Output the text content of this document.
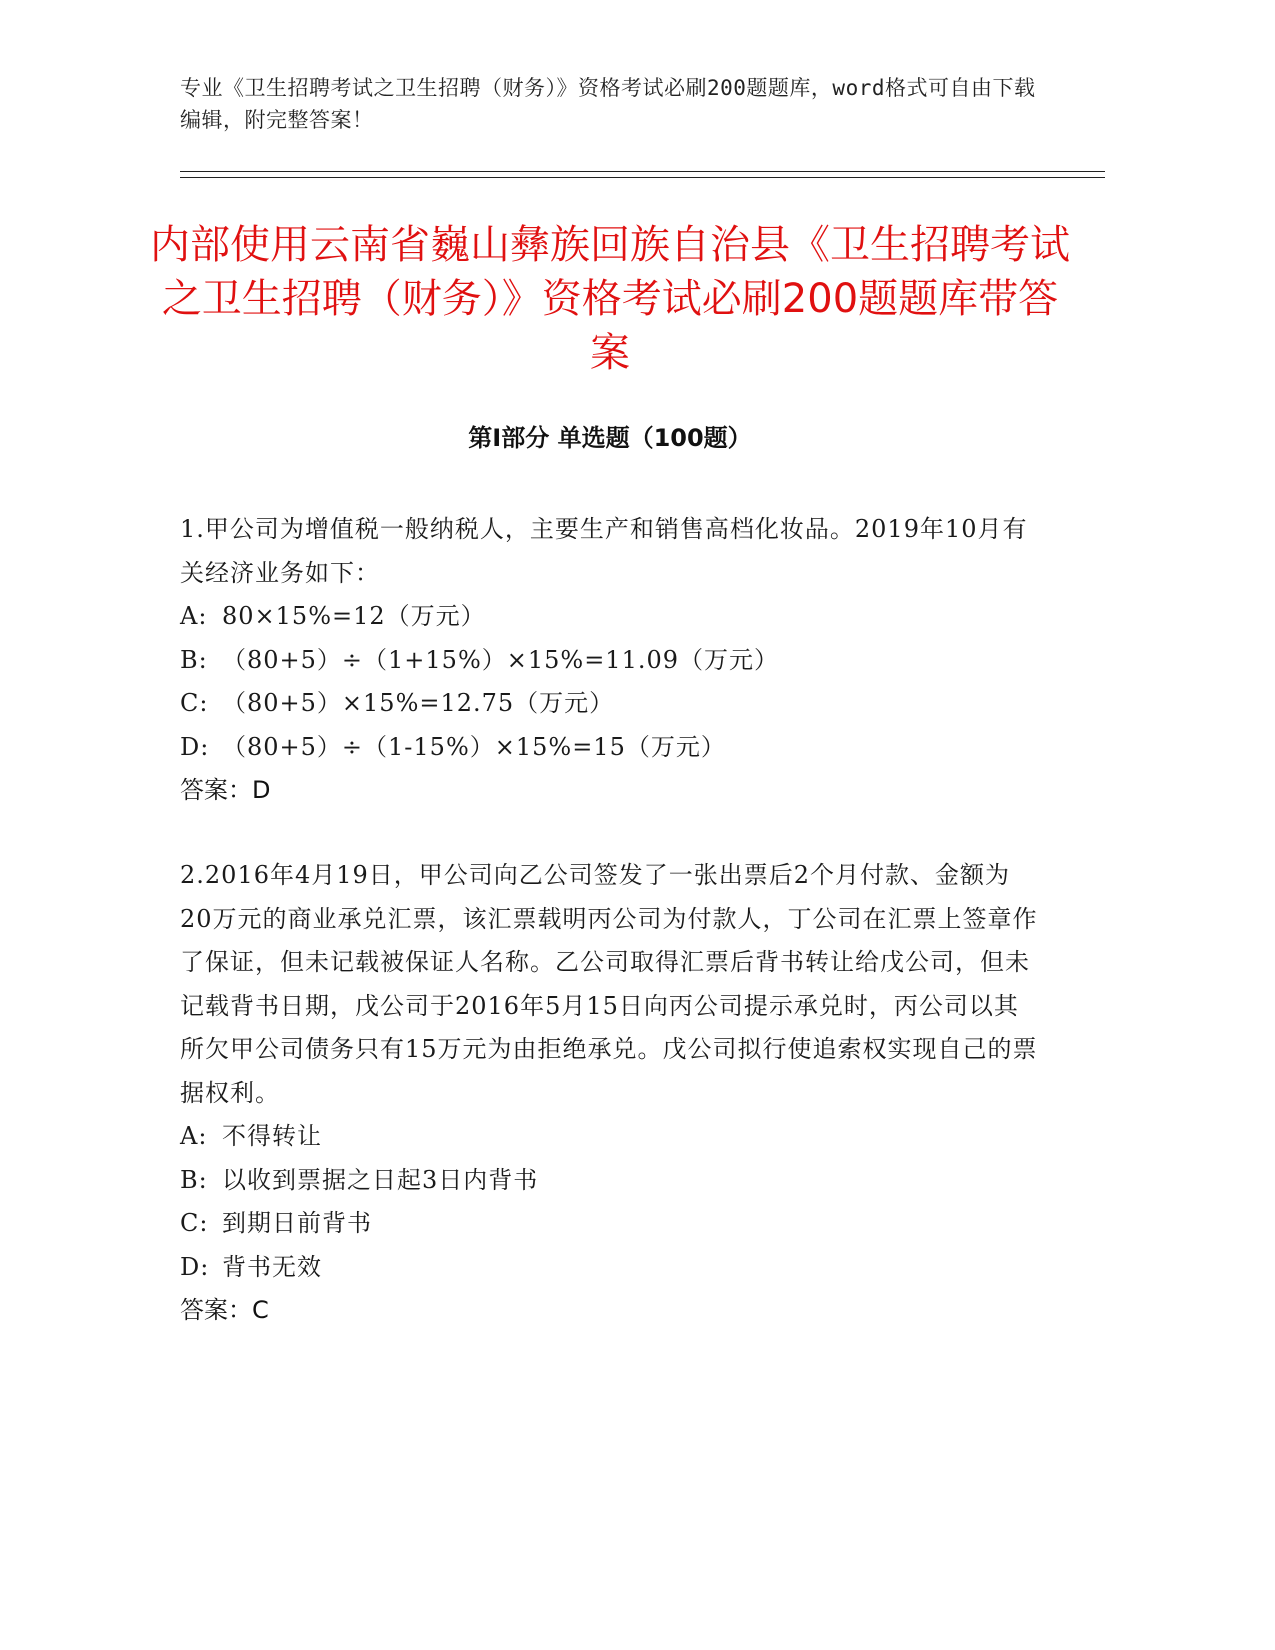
专业《卫生招聘考试之卫生招聘（财务）》资格考试必刷200题题库，word格式可自由下载编辑，附完整答案！
内部使用云南省巍山彝族回族自治县《卫生招聘考试之卫生招聘（财务）》资格考试必刷200题题库带答案
第I部分 单选题（100题）

1.甲公司为增值税一般纳税人，主要生产和销售高档化妆品。2019年10月有关经济业务如下：

A: 80×15%=12（万元）

B: （80+5）÷（1+15%）×15%=11.09（万元）

C: （80+5）×15%=12.75（万元）

D: （80+5）÷（1-15%）×15%=15（万元）

答案：D

2.2016年4月19日，甲公司向乙公司签发了一张出票后2个月付款、金额为20万元的商业承兑汇票，该汇票载明丙公司为付款人，丁公司在汇票上签章作了保证，但未记载被保证人名称。乙公司取得汇票后背书转让给戊公司，但未记载背书日期，戊公司于2016年5月15日向丙公司提示承兑时，丙公司以其所欠甲公司债务只有15万元为由拒绝承兑。戊公司拟行使追索权实现自己的票据权利。

A: 不得转让

B: 以收到票据之日起3日内背书

C: 到期日前背书

D: 背书无效

答案：C
